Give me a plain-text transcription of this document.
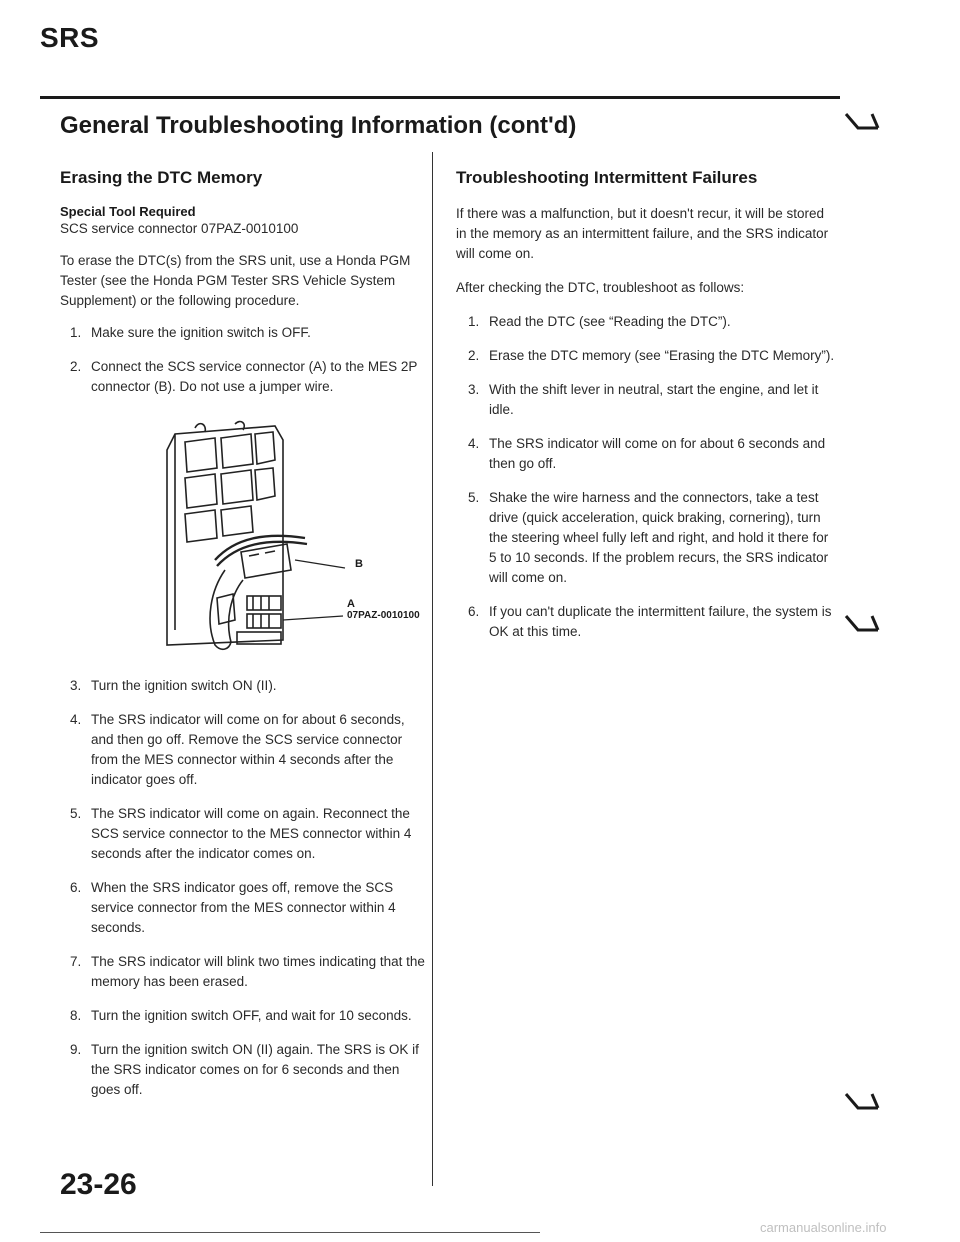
SRS
General Troubleshooting Information (cont'd)
Erasing the DTC Memory
Special Tool Required
SCS service connector 07PAZ-0010100
To erase the DTC(s) from the SRS unit, use a Honda PGM Tester (see the Honda PGM Tester SRS Vehicle System Supplement) or the following procedure.
1. Make sure the ignition switch is OFF.
2. Connect the SCS service connector (A) to the MES 2P connector (B). Do not use a jumper wire.
B
A
07PAZ-0010100
3. Turn the ignition switch ON (II).
4. The SRS indicator will come on for about 6 seconds, and then go off. Remove the SCS service connector from the MES connector within 4 seconds after the indicator goes off.
5. The SRS indicator will come on again. Reconnect the SCS service connector to the MES connector within 4 seconds after the indicator comes on.
6. When the SRS indicator goes off, remove the SCS service connector from the MES connector within 4 seconds.
7. The SRS indicator will blink two times indicating that the memory has been erased.
8. Turn the ignition switch OFF, and wait for 10 seconds.
9. Turn the ignition switch ON (II) again. The SRS is OK if the SRS indicator comes on for 6 seconds and then goes off.
Troubleshooting Intermittent Failures
If there was a malfunction, but it doesn't recur, it will be stored in the memory as an intermittent failure, and the SRS indicator will come on.
After checking the DTC, troubleshoot as follows:
1. Read the DTC (see “Reading the DTC”).
2. Erase the DTC memory (see “Erasing the DTC Memory”).
3. With the shift lever in neutral, start the engine, and let it idle.
4. The SRS indicator will come on for about 6 seconds and then go off.
5. Shake the wire harness and the connectors, take a test drive (quick acceleration, quick braking, cornering), turn the steering wheel fully left and right, and hold it there for 5 to 10 seconds. If the problem recurs, the SRS indicator will come on.
6. If you can't duplicate the intermittent failure, the system is OK at this time.
23-26
carmanualsonline.info
